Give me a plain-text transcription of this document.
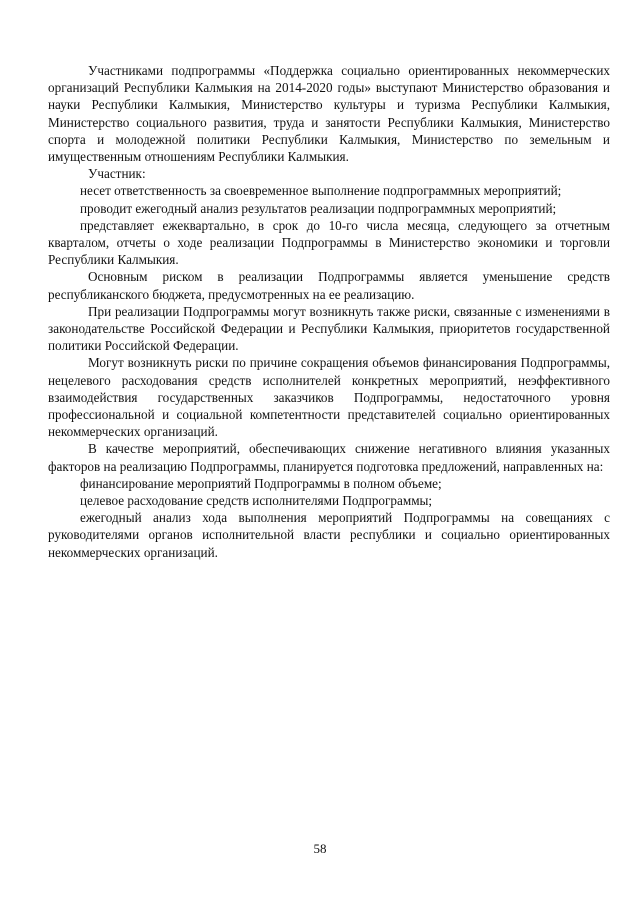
Участниками подпрограммы «Поддержка социально ориентированных некоммерческих организаций Республики Калмыкия на 2014-2020 годы» выступают Министерство образования и науки Республики Калмыкия, Министерство культуры и туризма Республики Калмыкия, Министерство социального развития, труда и занятости Республики Калмыкия, Министерство спорта и молодежной политики Республики Калмыкия, Министерство по земельным и имущественным отношениям Республики Калмыкия.

Участник:

несет ответственность за своевременное выполнение подпрограммных мероприятий;

проводит ежегодный анализ результатов реализации подпрограммных мероприятий;

представляет ежеквартально, в срок до 10-го числа месяца, следующего за отчетным кварталом, отчеты о ходе реализации Подпрограммы в Министерство экономики и торговли Республики Калмыкия.

Основным риском в реализации Подпрограммы является уменьшение средств республиканского бюджета, предусмотренных на ее реализацию.

При реализации Подпрограммы могут возникнуть также риски, связанные с изменениями в законодательстве Российской Федерации и Республики Калмыкия, приоритетов государственной политики Российской Федерации.

Могут возникнуть риски по причине сокращения объемов финансирования Подпрограммы, нецелевого расходования средств исполнителей конкретных мероприятий, неэффективного взаимодействия государственных заказчиков Подпрограммы, недостаточного уровня профессиональной и социальной компетентности представителей социально ориентированных некоммерческих организаций.

В качестве мероприятий, обеспечивающих снижение негативного влияния указанных факторов на реализацию Подпрограммы, планируется подготовка предложений, направленных на:

финансирование мероприятий Подпрограммы в полном объеме;

целевое расходование средств исполнителями Подпрограммы;

ежегодный анализ хода выполнения мероприятий Подпрограммы на совещаниях с руководителями органов исполнительной власти республики и социально ориентированных некоммерческих организаций.

58
